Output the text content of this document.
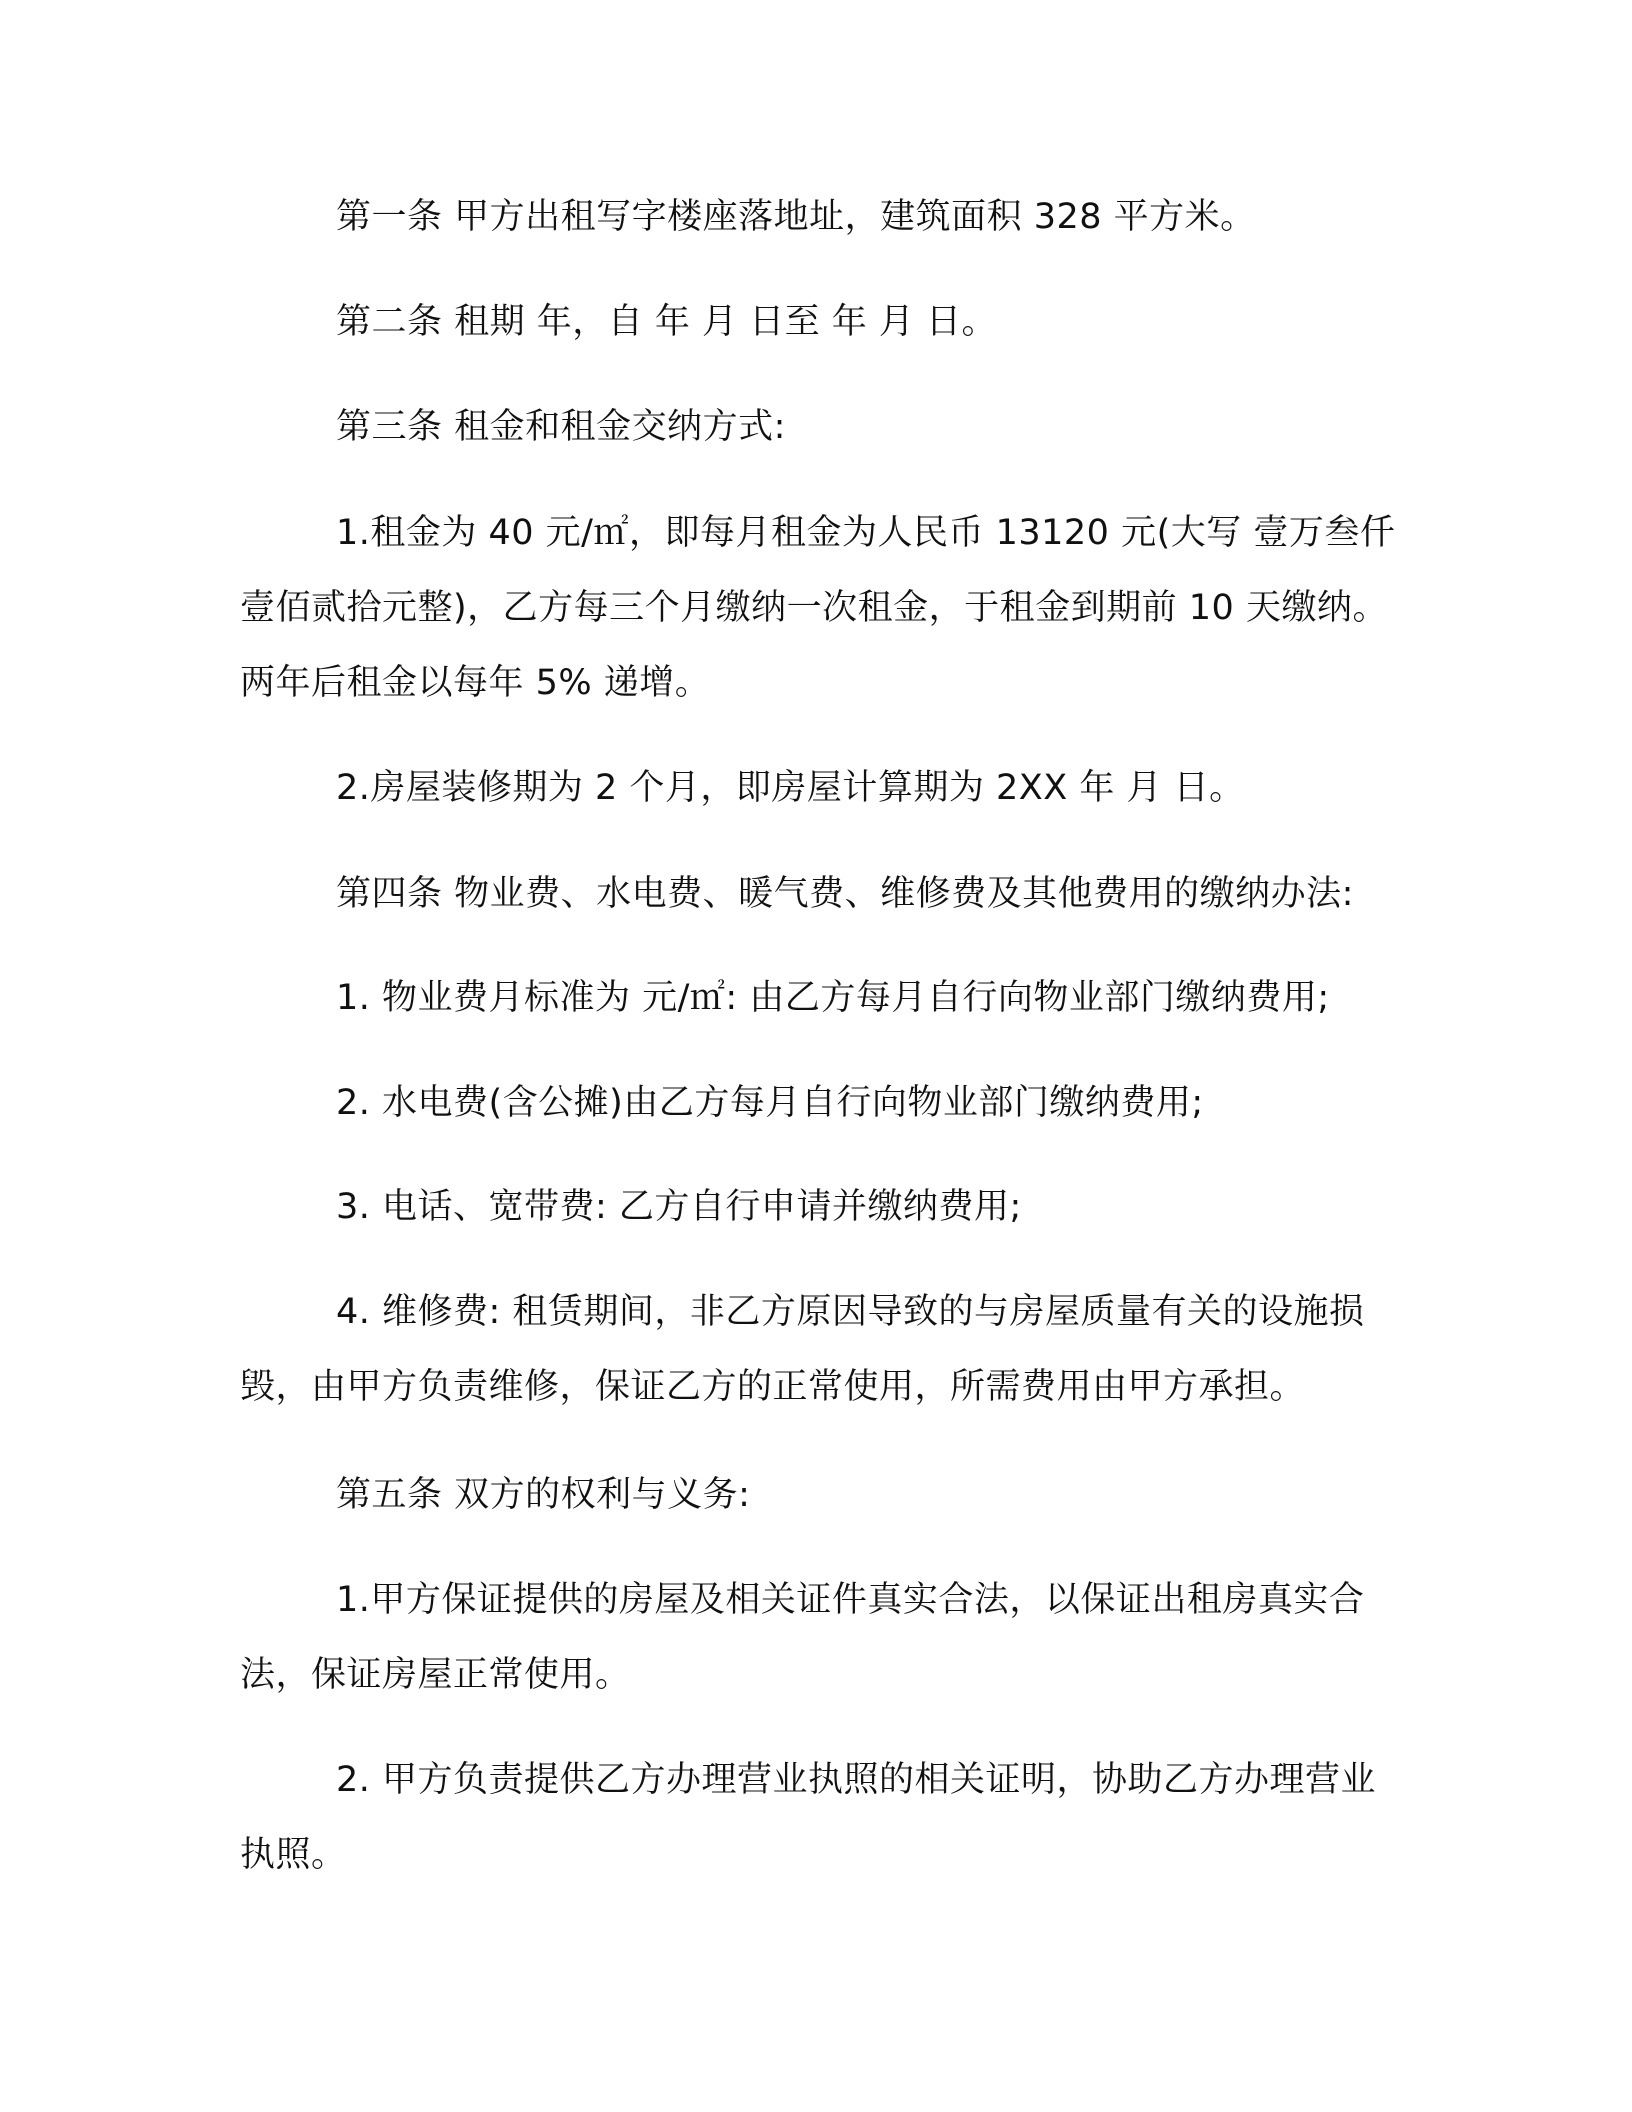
第一条 甲方出租写字楼座落地址，建筑面积 328 平方米。

第二条 租期 年，自 年 月 日至 年 月 日。

第三条 租金和租金交纳方式:

1.租金为 40 元/㎡，即每月租金为人民币 13120 元(大写 壹万叁仟壹佰贰拾元整)，乙方每三个月缴纳一次租金，于租金到期前 10 天缴纳。两年后租金以每年 5% 递增。

2.房屋装修期为 2 个月，即房屋计算期为 2XX 年 月 日。

第四条 物业费、水电费、暖气费、维修费及其他费用的缴纳办法:

1. 物业费月标准为 元/㎡: 由乙方每月自行向物业部门缴纳费用;

2. 水电费(含公摊)由乙方每月自行向物业部门缴纳费用;

3. 电话、宽带费: 乙方自行申请并缴纳费用;

4. 维修费: 租赁期间，非乙方原因导致的与房屋质量有关的设施损毁，由甲方负责维修，保证乙方的正常使用，所需费用由甲方承担。

第五条 双方的权利与义务:

1.甲方保证提供的房屋及相关证件真实合法，以保证出租房真实合法，保证房屋正常使用。

2. 甲方负责提供乙方办理营业执照的相关证明，协助乙方办理营业执照。
